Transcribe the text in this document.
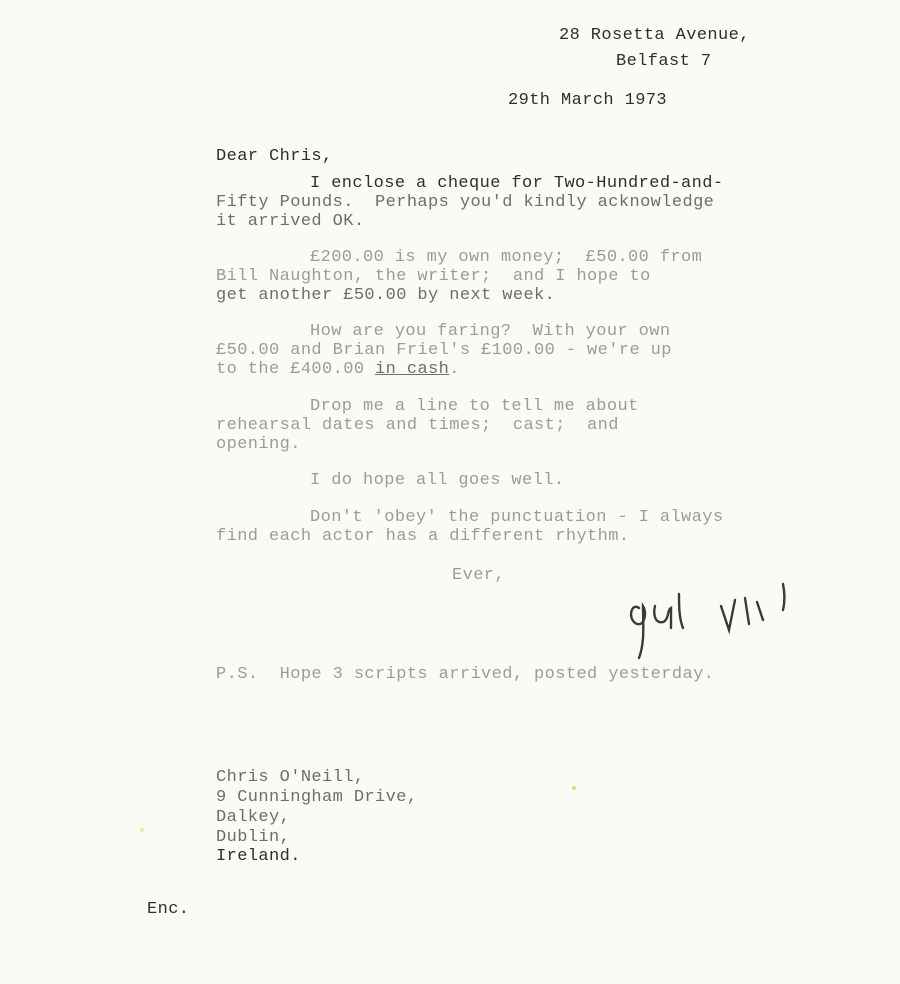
28 Rosetta Avenue,
Belfast 7
29th March 1973
Dear Chris,
I enclose a cheque for Two-Hundred-and-
Fifty Pounds.  Perhaps you'd kindly acknowledge
it arrived OK.
£200.00 is my own money;  £50.00 from
Bill Naughton, the writer;  and I hope to
get another £50.00 by next week.
How are you faring?  With your own
£50.00 and Brian Friel's £100.00 - we're up
to the £400.00 in cash.
Drop me a line to tell me about
rehearsal dates and times;  cast;  and
opening.
I do hope all goes well.
Don't 'obey' the punctuation - I always
find each actor has a different rhythm.
Ever,
P.S.  Hope 3 scripts arrived, posted yesterday.
Chris O'Neill,
9 Cunningham Drive,
Dalkey,
Dublin,
Ireland.
Enc.
